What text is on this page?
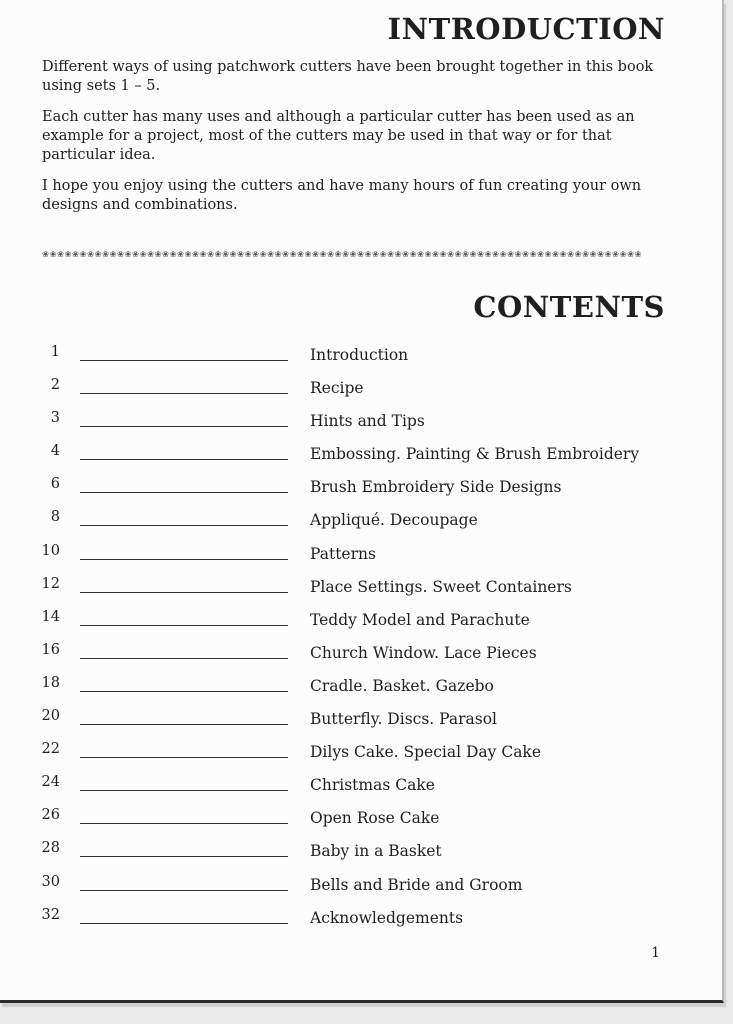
INTRODUCTION

Different ways of using patchwork cutters have been brought together in this book using sets 1 – 5.

Each cutter has many uses and although a particular cutter has been used as an example for a project, most of the cutters may be used in that way or for that particular idea.

I hope you enjoy using the cutters and have many hours of fun creating your own designs and combinations.

❀❀❀❀❀❀❀❀❀❀❀❀❀❀❀❀❀❀❀❀❀❀❀❀❀❀❀❀❀❀❀❀❀❀❀❀❀❀❀❀❀❀❀❀❀❀❀❀❀❀❀❀❀❀❀❀❀❀❀❀❀❀❀❀❀❀❀❀❀❀❀❀❀❀❀❀❀❀❀❀
CONTENTS
1	Introduction
2	Recipe
3	Hints and Tips
4	Embossing. Painting & Brush Embroidery
6	Brush Embroidery Side Designs
8	Appliqué. Decoupage
10	Patterns
12	Place Settings. Sweet Containers
14	Teddy Model and Parachute
16	Church Window. Lace Pieces
18	Cradle. Basket. Gazebo
20	Butterfly. Discs. Parasol
22	Dilys Cake. Special Day Cake
24	Christmas Cake
26	Open Rose Cake
28	Baby in a Basket
30	Bells and Bride and Groom
32	Acknowledgements
1
